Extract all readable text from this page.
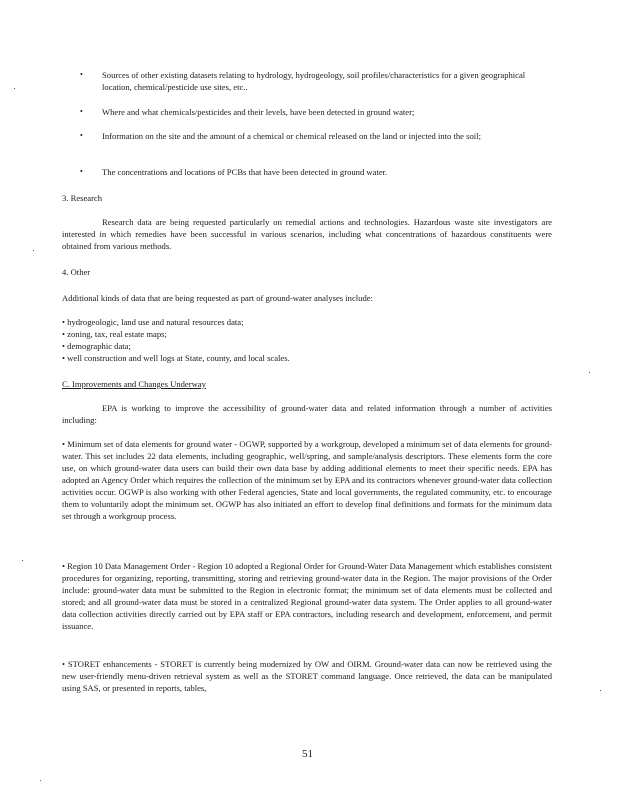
• Sources of other existing datasets relating to hydrology, hydrogeology, soil profiles/characteristics for a given geographical location, chemical/pesticide use sites, etc..
• Where and what chemicals/pesticides and their levels, have been detected in ground water;
• Information on the site and the amount of a chemical or chemical released on the land or injected into the soil;
• The concentrations and locations of PCBs that have been detected in ground water.
3. Research

Research data are being requested particularly on remedial actions and technologies. Hazardous waste site investigators are interested in which remedies have been successful in various scenarios, including what concentrations of hazardous constituents were obtained from various methods.

4. Other
Additional kinds of data that are being requested as part of ground-water analyses include:
• hydrogeologic, land use and natural resources data;
• zoning, tax, real estate maps;
• demographic data;
• well construction and well logs at State, county, and local scales.
C. Improvements and Changes Underway

EPA is working to improve the accessibility of ground-water data and related information through a number of activities including:

• Minimum set of data elements for ground water - OGWP, supported by a workgroup, developed a minimum set of data elements for ground-water. This set includes 22 data elements, including geographic, well/spring, and sample/analysis descriptors. These elements form the core use, on which ground-water data users can build their own data base by adding additional elements to meet their specific needs. EPA has adopted an Agency Order which requires the collection of the minimum set by EPA and its contractors whenever ground-water data collection activities occur. OGWP is also working with other Federal agencies, State and local governments, the regulated community, etc. to encourage them to voluntarily adopt the minimum set. OGWP has also initiated an effort to develop final definitions and formats for the minimum data set through a workgroup process.
• Region 10 Data Management Order - Region 10 adopted a Regional Order for Ground-Water Data Management which establishes consistent procedures for organizing, reporting, transmitting, storing and retrieving ground-water data in the Region. The major provisions of the Order include: ground-water data must be submitted to the Region in electronic format; the minimum set of data elements must be collected and stored; and all ground-water data must be stored in a centralized Regional ground-water data system. The Order applies to all ground-water data collection activities directly carried out by EPA staff or EPA contractors, including research and development, enforcement, and permit issuance.
• STORET enhancements - STORET is currently being modernized by OW and OIRM. Ground-water data can now be retrieved using the new user-friendly menu-driven retrieval system as well as the STORET command language. Once retrieved, the data can be manipulated using SAS, or presented in reports, tables,
51
